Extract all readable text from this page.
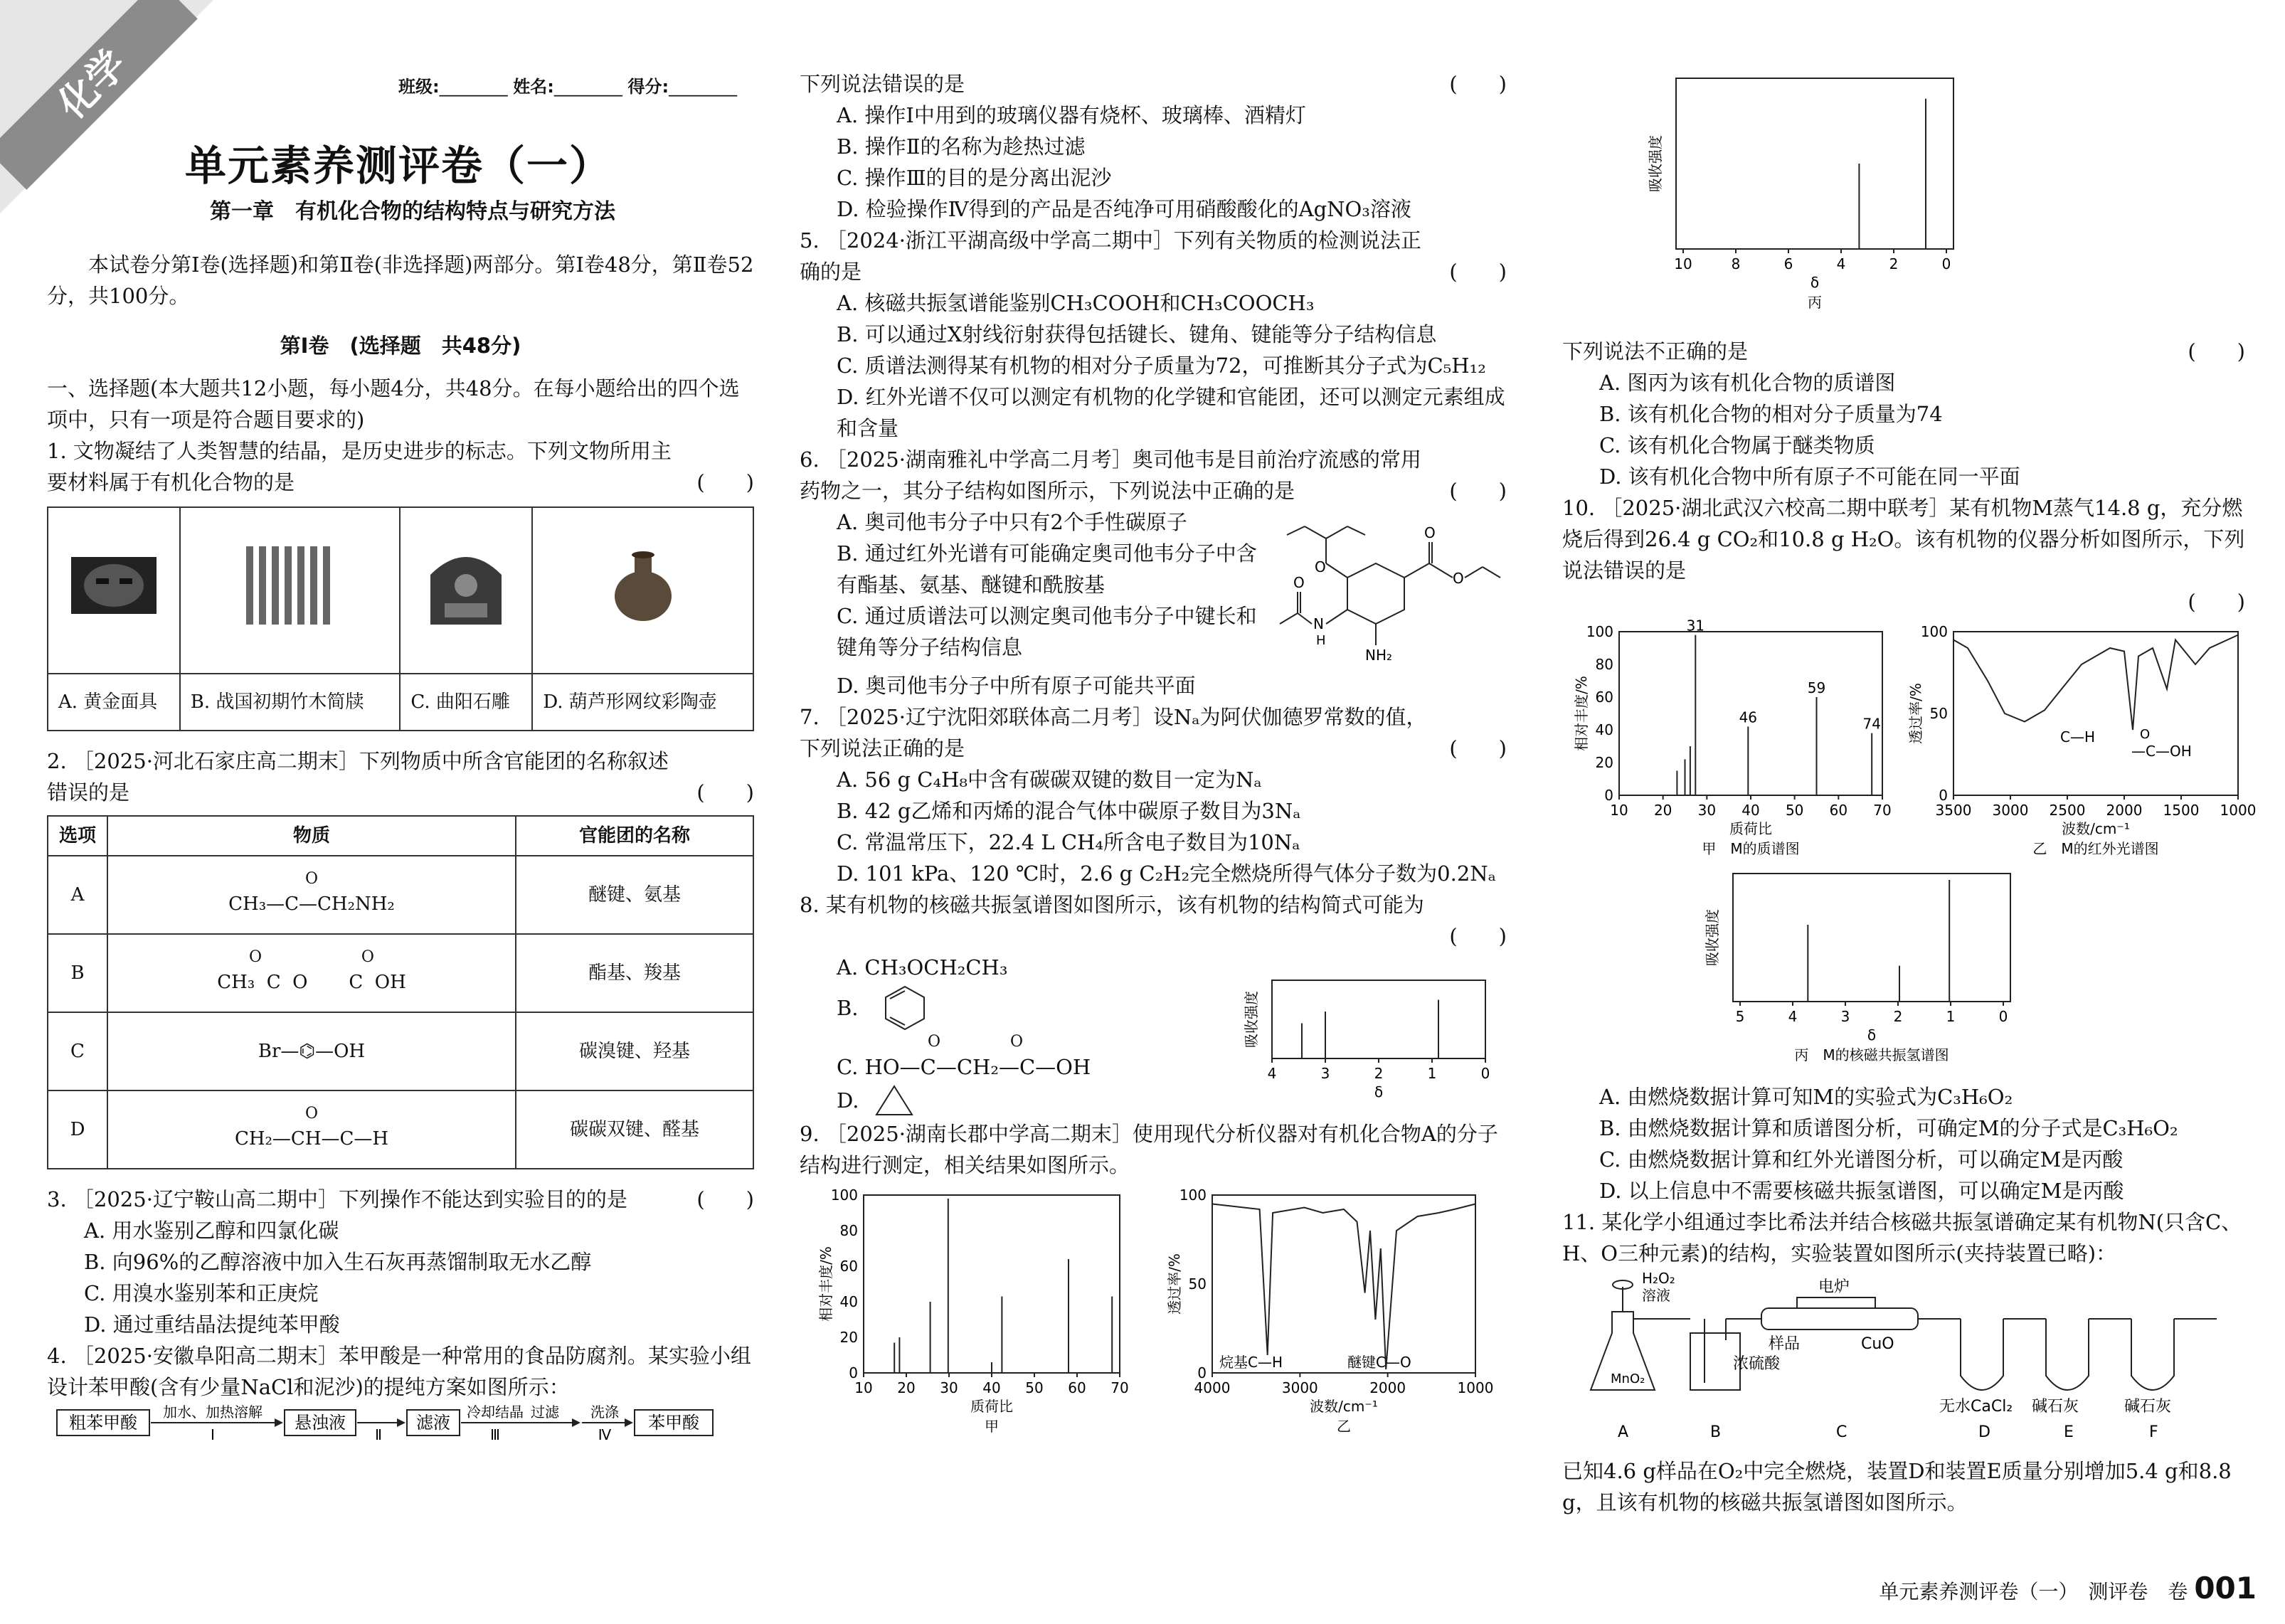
化学	班级:________ 姓名:________ 得分:________
单元素养测评卷（一）
第一章　有机化合物的结构特点与研究方法

本试卷分第Ⅰ卷(选择题)和第Ⅱ卷(非选择题)两部分。第Ⅰ卷48分，第Ⅱ卷52分，共100分。

第Ⅰ卷　(选择题　共48分)

一、选择题(本大题共12小题，每小题4分，共48分。在每小题给出的四个选项中，只有一项是符合题目要求的)

1. 文物凝结了人类智慧的结晶，是历史进步的标志。下列文物所用主要材料属于有机化合物的是	(　　)

A. 黄金面具	B. 战国初期竹木简牍	C. 曲阳石雕	D. 葫芦形网纹彩陶壶

2. ［2025·河北石家庄高二期末］下列物质中所含官能团的名称叙述错误的是	(　　)
选项	物质	官能团的名称
A	O
CH₃—C—CH₂NH₂	醚键、氨基
B	O                    O
CH₃  C  O       C  OH	酯基、羧基
C	Br—⌬—OH	碳溴键、羟基
D	O
CH₂—CH—C—H	碳碳双键、醛基

3. ［2025·辽宁鞍山高二期中］下列操作不能达到实验目的的是	(　　)

A. 用水鉴别乙醇和四氯化碳

B. 向96%的乙醇溶液中加入生石灰再蒸馏制取无水乙醇

C. 用溴水鉴别苯和正庚烷

D. 通过重结晶法提纯苯甲酸

4. ［2025·安徽阜阳高二期末］苯甲酸是一种常用的食品防腐剂。某实验小组设计苯甲酸(含有少量NaCl和泥沙)的提纯方案如图所示：

粗苯甲酸
加水、加热溶解
Ⅰ
悬浊液
Ⅱ
滤液
冷却结晶
Ⅲ
过滤 洗涤
Ⅳ
苯甲酸

下列说法错误的是	(　　)

A. 操作Ⅰ中用到的玻璃仪器有烧杯、玻璃棒、酒精灯

B. 操作Ⅱ的名称为趁热过滤

C. 操作Ⅲ的目的是分离出泥沙

D. 检验操作Ⅳ得到的产品是否纯净可用硝酸酸化的AgNO₃溶液

5. ［2024·浙江平湖高级中学高二期中］下列有关物质的检测说法正确的是	(　　)

A. 核磁共振氢谱能鉴别CH₃COOH和CH₃COOCH₃

B. 可以通过X射线衍射获得包括键长、键角、键能等分子结构信息

C. 质谱法测得某有机物的相对分子质量为72，可推断其分子式为C₅H₁₂

D. 红外光谱不仅可以测定有机物的化学键和官能团，还可以测定元素组成和含量

6. ［2025·湖南雅礼中学高二月考］奥司他韦是目前治疗流感的常用药物之一，其分子结构如图所示，下列说法中正确的是	(　　)

A. 奥司他韦分子中只有2个手性碳原子

B. 通过红外光谱有可能确定奥司他韦分子中含有酯基、氨基、醚键和酰胺基

C. 通过质谱法可以测定奥司他韦分子中键长和键角等分子结构信息

O
O
O
O
N
H
NH₂

D. 奥司他韦分子中所有原子可能共平面

7. ［2025·辽宁沈阳郊联体高二月考］设Nₐ为阿伏伽德罗常数的值，下列说法正确的是	(　　)

A. 56 g C₄H₈中含有碳碳双键的数目一定为Nₐ

B. 42 g乙烯和丙烯的混合气体中碳原子数目为3Nₐ

C. 常温常压下，22.4 L CH₄所含电子数目为10Nₐ

D. 101 kPa、120 ℃时，2.6 g C₂H₂完全燃烧所得气体分子数为0.2Nₐ

8. 某有机物的核磁共振氢谱图如图所示，该有机物的结构简式可能为

(　　)

A. CH₃OCH₂CH₃

B.
O              O

C. HO—C—CH₂—C—OH

D.
4	3	2	1	0
吸收强度
δ

9. ［2025·湖南长郡中学高二期末］使用现代分析仪器对有机化合物A的分子结构进行测定，相关结果如图所示。

10 20 30 40 50 60 70
0
20
40
60
80
100
相对丰度/%
质荷比
甲
4000	3000	2000	1000
0
50
100
透过率/%
波数/cm⁻¹
乙
烷基C—H	醚键C—O
10	8	6	4	2	0
吸收强度
δ
丙

下列说法不正确的是	(　　)

A. 图丙为该有机化合物的质谱图

B. 该有机化合物的相对分子质量为74

C. 该有机化合物属于醚类物质

D. 该有机化合物中所有原子不可能在同一平面

10. ［2025·湖北武汉六校高二期中联考］某有机物M蒸气14.8 g，充分燃烧后得到26.4 g CO₂和10.8 g H₂O。该有机物的仪器分析如图所示，下列说法错误的是

(　　)
10 20 30 40 50 60 70
0
20
40
60
80
100
相对丰度/%
质荷比
甲　M的质谱图
31
46
59
74
3500 3000 2500 2000 1500 1000
0
50
100
透过率/%
波数/cm⁻¹
乙　M的红外光谱图
C—H	O
—C—OH
5	4	3	2	1	0
吸收强度
δ
丙　M的核磁共振氢谱图

A. 由燃烧数据计算可知M的实验式为C₃H₆O₂

B. 由燃烧数据计算和质谱图分析，可确定M的分子式是C₃H₆O₂

C. 由燃烧数据计算和红外光谱图分析，可以确定M是丙酸

D. 以上信息中不需要核磁共振氢谱图，可以确定M是丙酸

11. 某化学小组通过李比希法并结合核磁共振氢谱确定某有机物N(只含C、H、O三种元素)的结构，实验装置如图所示(夹持装置已略)：

H₂O₂
溶液
MnO₂
电炉
样品	CuO
浓硫酸
无水CaCl₂ 碱石灰	碱石灰
A	B	C	D	E	F

已知4.6 g样品在O₂中完全燃烧，装置D和装置E质量分别增加5.4 g和8.8 g，且该有机物的核磁共振氢谱图如图所示。

单元素养测评卷（一）　测评卷　卷 001
